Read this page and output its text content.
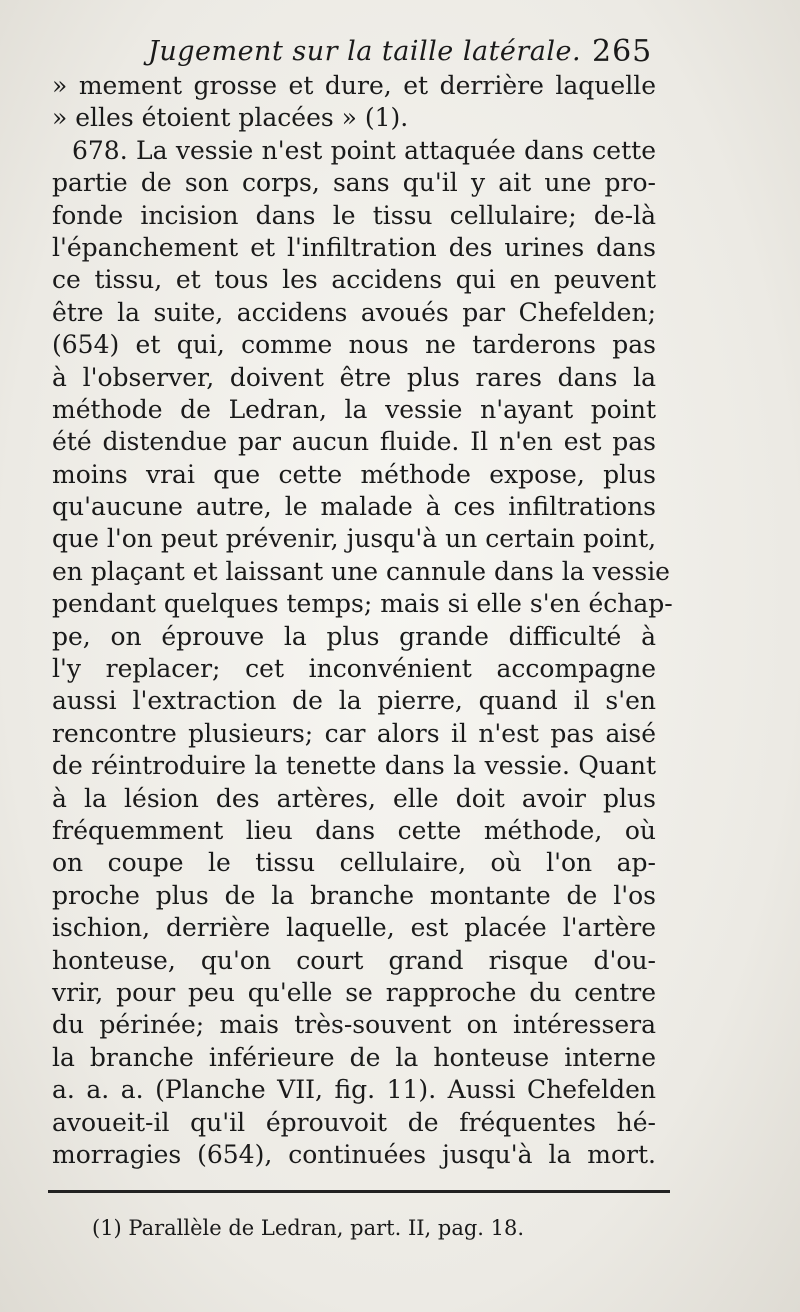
Jugement sur la taille latérale. 265
» mement grosse et dure, et derrière laquelle
» elles étoient placées » (1).
678. La vessie n'est point attaquée dans cette
partie de son corps, sans qu'il y ait une pro-
fonde incision dans le tissu cellulaire; de-là
l'épanchement et l'infiltration des urines dans
ce tissu, et tous les accidens qui en peuvent
être la suite, accidens avoués par Chefelden;
(654) et qui, comme nous ne tarderons pas
à l'observer, doivent être plus rares dans la
méthode de Ledran, la vessie n'ayant point
été distendue par aucun fluide. Il n'en est pas
moins vrai que cette méthode expose, plus
qu'aucune autre, le malade à ces infiltrations
que l'on peut prévenir, jusqu'à un certain point,
en plaçant et laissant une cannule dans la vessie
pendant quelques temps; mais si elle s'en échap-
pe, on éprouve la plus grande difficulté à
l'y replacer; cet inconvénient accompagne
aussi l'extraction de la pierre, quand il s'en
rencontre plusieurs; car alors il n'est pas aisé
de réintroduire la tenette dans la vessie. Quant
à la lésion des artères, elle doit avoir plus
fréquemment lieu dans cette méthode, où
on coupe le tissu cellulaire, où l'on ap-
proche plus de la branche montante de l'os
ischion, derrière laquelle, est placée l'artère
honteuse, qu'on court grand risque d'ou-
vrir, pour peu qu'elle se rapproche du centre
du périnée; mais très-souvent on intéressera
la branche inférieure de la honteuse interne
a. a. a. (Planche VII, fig. 11). Aussi Chefelden
avoueit-il qu'il éprouvoit de fréquentes hé-
morragies (654), continuées jusqu'à la mort.
(1) Parallèle de Ledran, part. II, pag. 18.
